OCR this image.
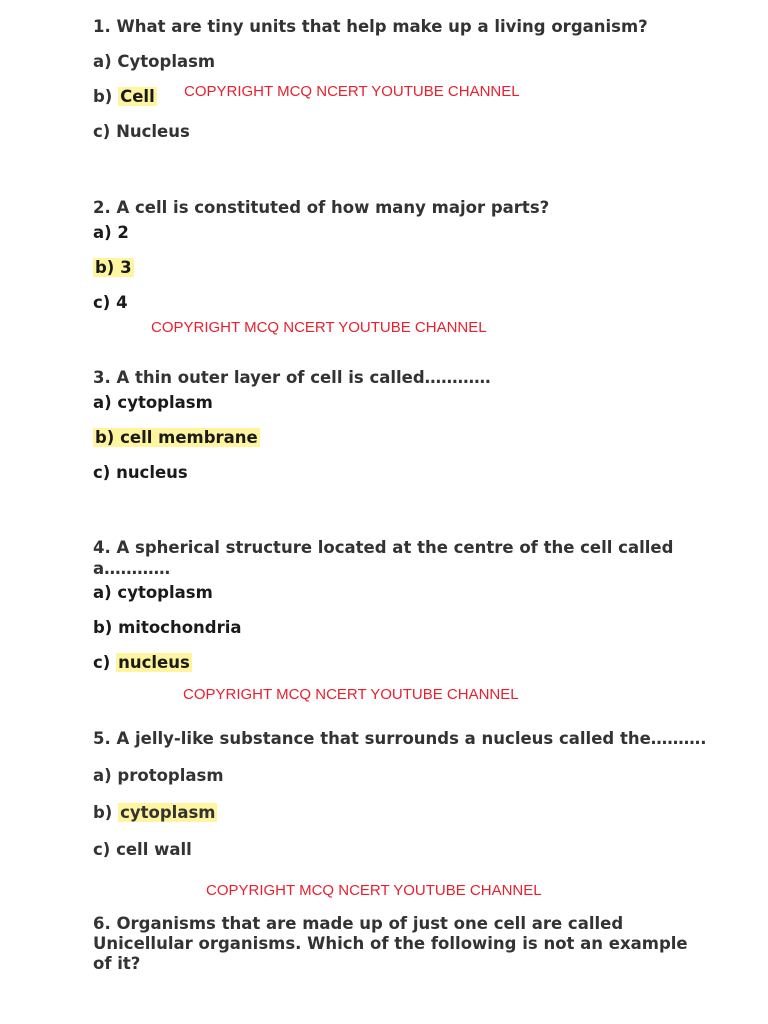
1. What are tiny units that help make up a living organism?

a) Cytoplasm

b) Cell COPYRIGHT MCQ NCERT YOUTUBE CHANNEL

c) Nucleus

2. A cell is constituted of how many major parts?

a) 2

b) 3

c) 4

COPYRIGHT MCQ NCERT YOUTUBE CHANNEL

3. A thin outer layer of cell is called…………

a) cytoplasm

b) cell membrane

c) nucleus

4. A spherical structure located at the centre of the cell called

a…………

a) cytoplasm

b) mitochondria

c) nucleus

COPYRIGHT MCQ NCERT YOUTUBE CHANNEL

5. A jelly-like substance that surrounds a nucleus called the……….

a) protoplasm

b) cytoplasm

c) cell wall

COPYRIGHT MCQ NCERT YOUTUBE CHANNEL

6. Organisms that are made up of just one cell are called Unicellular organisms. Which of the following is not an example of it?
